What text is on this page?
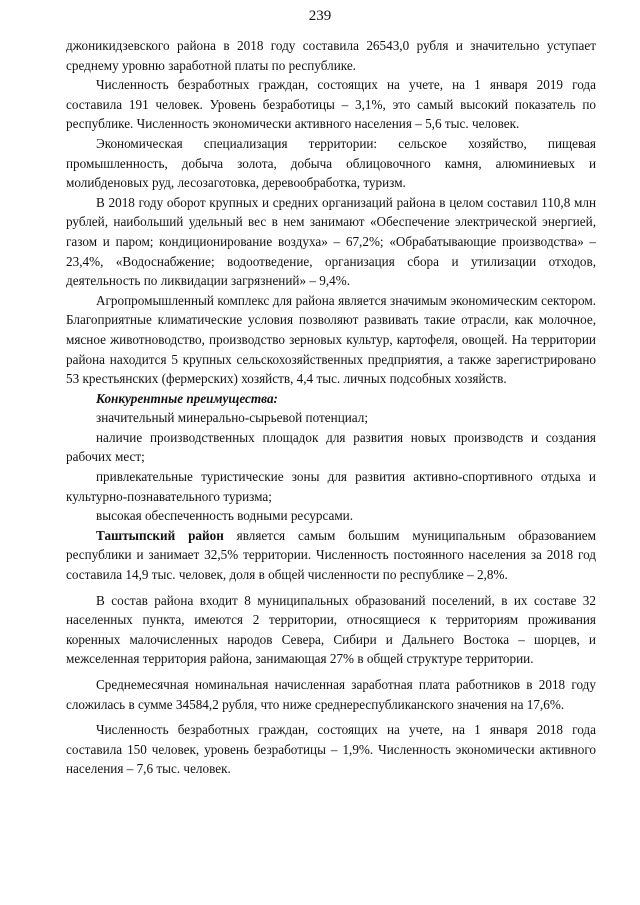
239

джоникидзевского района в 2018 году составила 26543,0 рубля и значительно уступает среднему уровню заработной платы по республике.

Численность безработных граждан, состоящих на учете, на 1 января 2019 года составила 191 человек. Уровень безработицы – 3,1%, это самый высокий показатель по республике. Численность экономически активного населения – 5,6 тыс. человек.

Экономическая специализация территории: сельское хозяйство, пищевая промышленность, добыча золота, добыча облицовочного камня, алюминиевых и молибденовых руд, лесозаготовка, деревообработка, туризм.

В 2018 году оборот крупных и средних организаций района в целом составил 110,8 млн рублей, наибольший удельный вес в нем занимают «Обеспечение электрической энергией, газом и паром; кондиционирование воздуха» – 67,2%; «Обрабатывающие производства» – 23,4%, «Водоснабжение; водоотведение, организация сбора и утилизации отходов, деятельность по ликвидации загрязнений» – 9,4%.

Агропромышленный комплекс для района является значимым экономическим сектором. Благоприятные климатические условия позволяют развивать такие отрасли, как молочное, мясное животноводство, производство зерновых культур, картофеля, овощей. На территории района находится 5 крупных сельскохозяйственных предприятия, а также зарегистрировано 53 крестьянских (фермерских) хозяйств, 4,4 тыс. личных подсобных хозяйств.

Конкурентные преимущества:

значительный минерально-сырьевой потенциал;

наличие производственных площадок для развития новых производств и создания рабочих мест;

привлекательные туристические зоны для развития активно-спортивного отдыха и культурно-познавательного туризма;

высокая обеспеченность водными ресурсами.

Таштыпский район является самым большим муниципальным образованием республики и занимает 32,5% территории. Численность постоянного населения за 2018 год составила 14,9 тыс. человек, доля в общей численности по республике – 2,8%.

В состав района входит 8 муниципальных образований поселений, в их составе 32 населенных пункта, имеются 2 территории, относящиеся к территориям проживания коренных малочисленных народов Севера, Сибири и Дальнего Востока – шорцев, и межселенная территория района, занимающая 27% в общей структуре территории.

Среднемесячная номинальная начисленная заработная плата работников в 2018 году сложилась в сумме 34584,2 рубля, что ниже среднереспубликанского значения на 17,6%.

Численность безработных граждан, состоящих на учете, на 1 января 2018 года составила 150 человек, уровень безработицы – 1,9%. Численность экономически активного населения – 7,6 тыс. человек.
